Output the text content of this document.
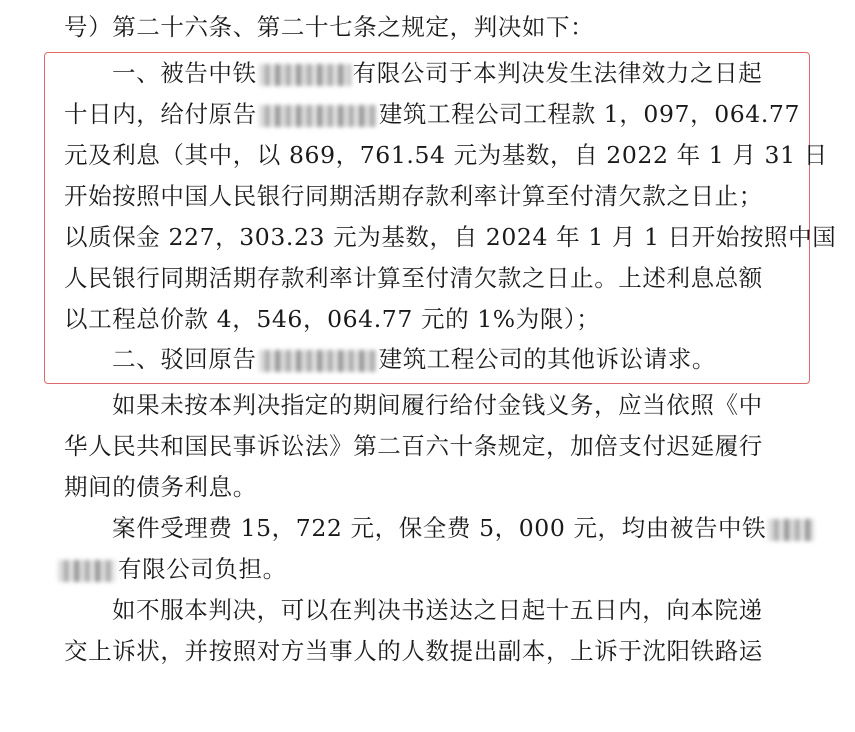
号）第二十六条、第二十七条之规定，判决如下：
一、被告中铁	有限公司于本判决发生法律效力之日起
十日内，给付原告	建筑工程公司工程款 1，097，064.77
元及利息（其中，以 869，761.54 元为基数，自 2022 年 1 月 31 日
开始按照中国人民银行同期活期存款利率计算至付清欠款之日止；
以质保金 227，303.23 元为基数，自 2024 年 1 月 1 日开始按照中国
人民银行同期活期存款利率计算至付清欠款之日止。上述利息总额
以工程总价款 4，546，064.77 元的 1%为限）；
二、驳回原告	建筑工程公司的其他诉讼请求。
如果未按本判决指定的期间履行给付金钱义务，应当依照《中
华人民共和国民事诉讼法》第二百六十条规定，加倍支付迟延履行
期间的债务利息。
案件受理费 15，722 元，保全费 5，000 元，均由被告中铁
有限公司负担。
如不服本判决，可以在判决书送达之日起十五日内，向本院递
交上诉状，并按照对方当事人的人数提出副本，上诉于沈阳铁路运
